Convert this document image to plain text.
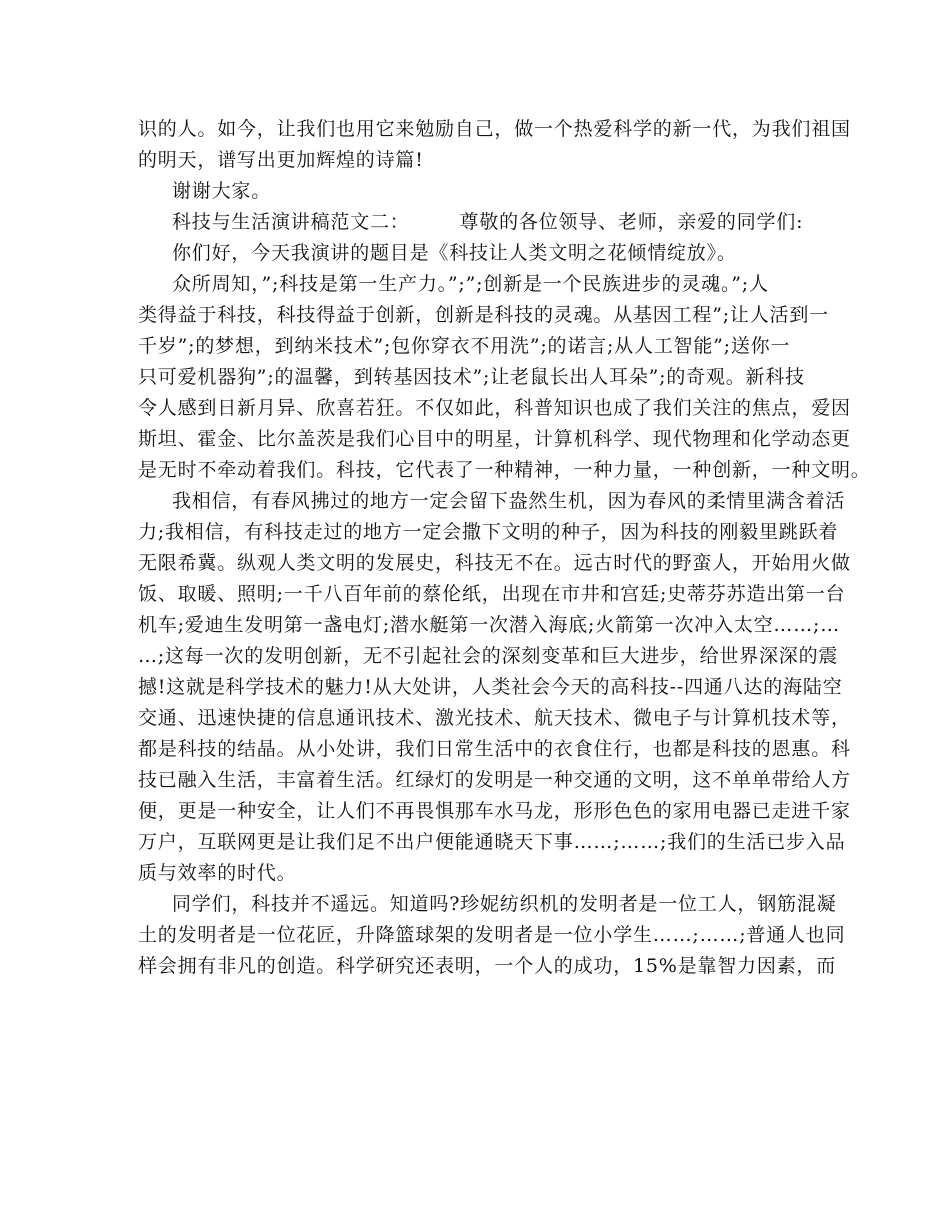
识的人。如今，让我们也用它来勉励自己，做一个热爱科学的新一代，为我们祖国
的明天，谱写出更加辉煌的诗篇!
谢谢大家。
科技与生活演讲稿范文二：　　　尊敬的各位领导、老师，亲爱的同学们:
你们好，今天我演讲的题目是《科技让人类文明之花倾情绽放》。
众所周知，”;科技是第一生产力。”;”;创新是一个民族进步的灵魂。”;人
类得益于科技，科技得益于创新，创新是科技的灵魂。从基因工程”;让人活到一
千岁”;的梦想，到纳米技术”;包你穿衣不用洗”;的诺言;从人工智能”;送你一
只可爱机器狗”;的温馨，到转基因技术”;让老鼠长出人耳朵”;的奇观。新科技
令人感到日新月异、欣喜若狂。不仅如此，科普知识也成了我们关注的焦点，爱因
斯坦、霍金、比尔盖茨是我们心目中的明星，计算机科学、现代物理和化学动态更
是无时不牵动着我们。科技，它代表了一种精神，一种力量，一种创新，一种文明。
我相信，有春风拂过的地方一定会留下盎然生机，因为春风的柔情里满含着活
力;我相信，有科技走过的地方一定会撒下文明的种子，因为科技的刚毅里跳跃着
无限希冀。纵观人类文明的发展史，科技无不在。远古时代的野蛮人，开始用火做
饭、取暖、照明;一千八百年前的蔡伦纸，出现在市井和宫廷;史蒂芬苏造出第一台
机车;爱迪生发明第一盏电灯;潜水艇第一次潜入海底;火箭第一次冲入太空……;…
…;这每一次的发明创新，无不引起社会的深刻变革和巨大进步，给世界深深的震
撼!这就是科学技术的魅力!从大处讲，人类社会今天的高科技--四通八达的海陆空
交通、迅速快捷的信息通讯技术、激光技术、航天技术、微电子与计算机技术等，
都是科技的结晶。从小处讲，我们日常生活中的衣食住行，也都是科技的恩惠。科
技已融入生活，丰富着生活。红绿灯的发明是一种交通的文明，这不单单带给人方
便，更是一种安全，让人们不再畏惧那车水马龙，形形色色的家用电器已走进千家
万户，互联网更是让我们足不出户便能通晓天下事……;……;我们的生活已步入品
质与效率的时代。
同学们，科技并不遥远。知道吗?珍妮纺织机的发明者是一位工人，钢筋混凝
土的发明者是一位花匠，升降篮球架的发明者是一位小学生……;……;普通人也同
样会拥有非凡的创造。科学研究还表明，一个人的成功，15%是靠智力因素，而
